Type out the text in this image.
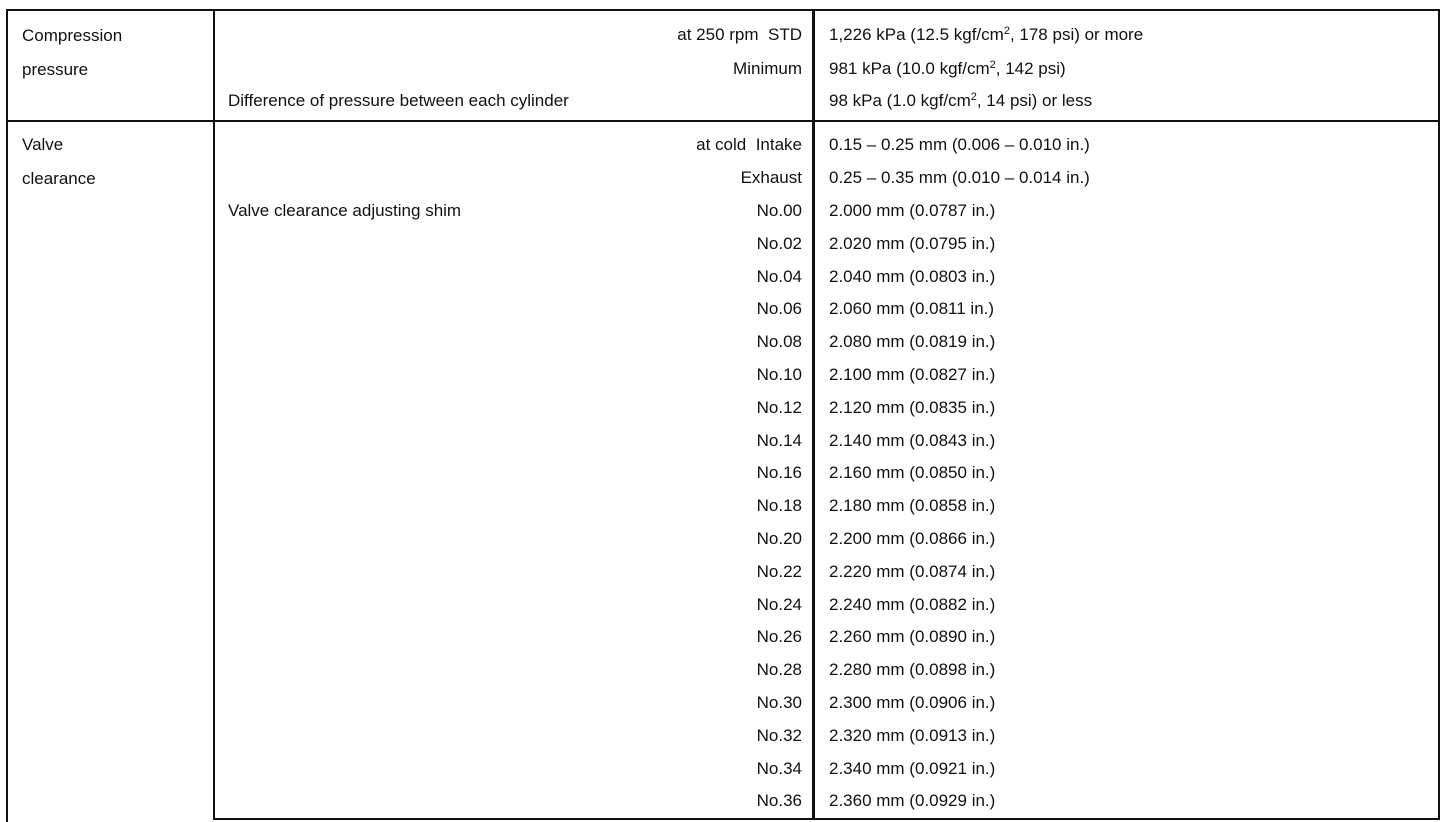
Compression
pressure
at 250 rpm STD 1,226 kPa (12.5 kgf/$cm^2$, 178 psi) or more
Minimum 981 kPa (10.0 kgf/$cm^2$, 142 psi)
Difference of pressure between each cylinder	98 kPa (1.0 kgf/$cm^2$, 14 psi) or less
Valve
clearance
at cold Intake 0.15 – 0.25 mm (0.006 – 0.010 in.)
Exhaust 0.25 – 0.35 mm (0.010 – 0.014 in.)
Valve clearance adjusting shim	No.00 2.000 mm (0.0787 in.)
No.02 2.020 mm (0.0795 in.)
No.04 2.040 mm (0.0803 in.)
No.06 2.060 mm (0.0811 in.)
No.08 2.080 mm (0.0819 in.)
No.10 2.100 mm (0.0827 in.)
No.12 2.120 mm (0.0835 in.)
No.14 2.140 mm (0.0843 in.)
No.16 2.160 mm (0.0850 in.)
No.18 2.180 mm (0.0858 in.)
No.20 2.200 mm (0.0866 in.)
No.22 2.220 mm (0.0874 in.)
No.24 2.240 mm (0.0882 in.)
No.26 2.260 mm (0.0890 in.)
No.28 2.280 mm (0.0898 in.)
No.30 2.300 mm (0.0906 in.)
No.32 2.320 mm (0.0913 in.)
No.34 2.340 mm (0.0921 in.)
No.36 2.360 mm (0.0929 in.)
